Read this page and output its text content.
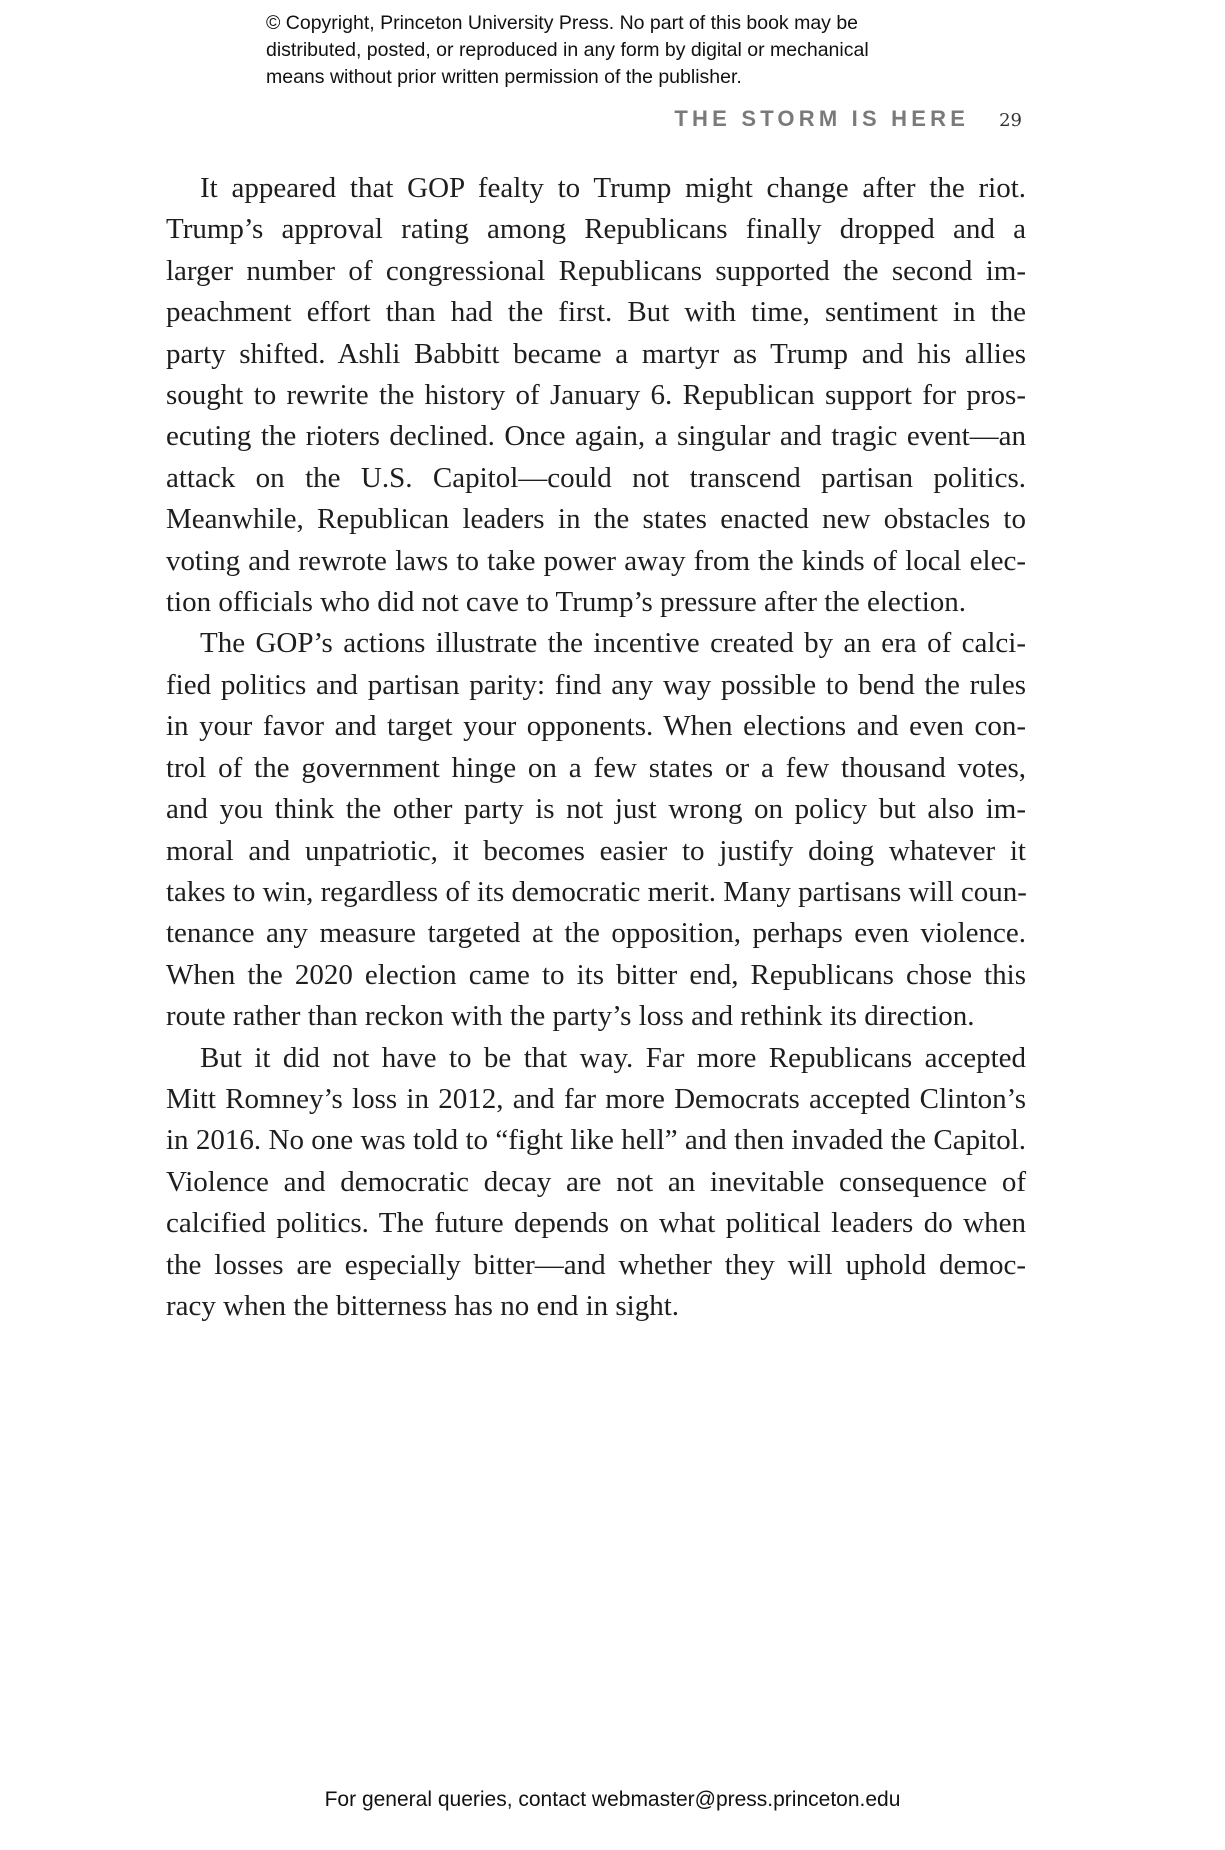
© Copyright, Princeton University Press. No part of this book may be
distributed, posted, or reproduced in any form by digital or mechanical
means without prior written permission of the publisher.
THE STORM IS HERE 29
It appeared that GOP fealty to Trump might change after the riot.
Trump’s approval rating among Republicans finally dropped and a
larger number of congressional Republicans supported the second im-
peachment effort than had the first. But with time, sentiment in the
party shifted. Ashli Babbitt became a martyr as Trump and his allies
sought to rewrite the history of January 6. Republican support for pros-
ecuting the rioters declined. Once again, a singular and tragic event—an
attack on the U.S. Capitol—could not transcend partisan politics.
Meanwhile, Republican leaders in the states enacted new obstacles to
voting and rewrote laws to take power away from the kinds of local elec-
tion officials who did not cave to Trump’s pressure after the election.
The GOP’s actions illustrate the incentive created by an era of calci-
fied politics and partisan parity: find any way possible to bend the rules
in your favor and target your opponents. When elections and even con-
trol of the government hinge on a few states or a few thousand votes,
and you think the other party is not just wrong on policy but also im-
moral and unpatriotic, it becomes easier to justify doing whatever it
takes to win, regardless of its democratic merit. Many partisans will coun-
tenance any measure targeted at the opposition, perhaps even violence.
When the 2020 election came to its bitter end, Republicans chose this
route rather than reckon with the party’s loss and rethink its direction.
But it did not have to be that way. Far more Republicans accepted
Mitt Romney’s loss in 2012, and far more Democrats accepted Clinton’s
in 2016. No one was told to “fight like hell” and then invaded the Capitol.
Violence and democratic decay are not an inevitable consequence of
calcified politics. The future depends on what political leaders do when
the losses are especially bitter—and whether they will uphold democ-
racy when the bitterness has no end in sight.
For general queries, contact webmaster@press.princeton.edu
